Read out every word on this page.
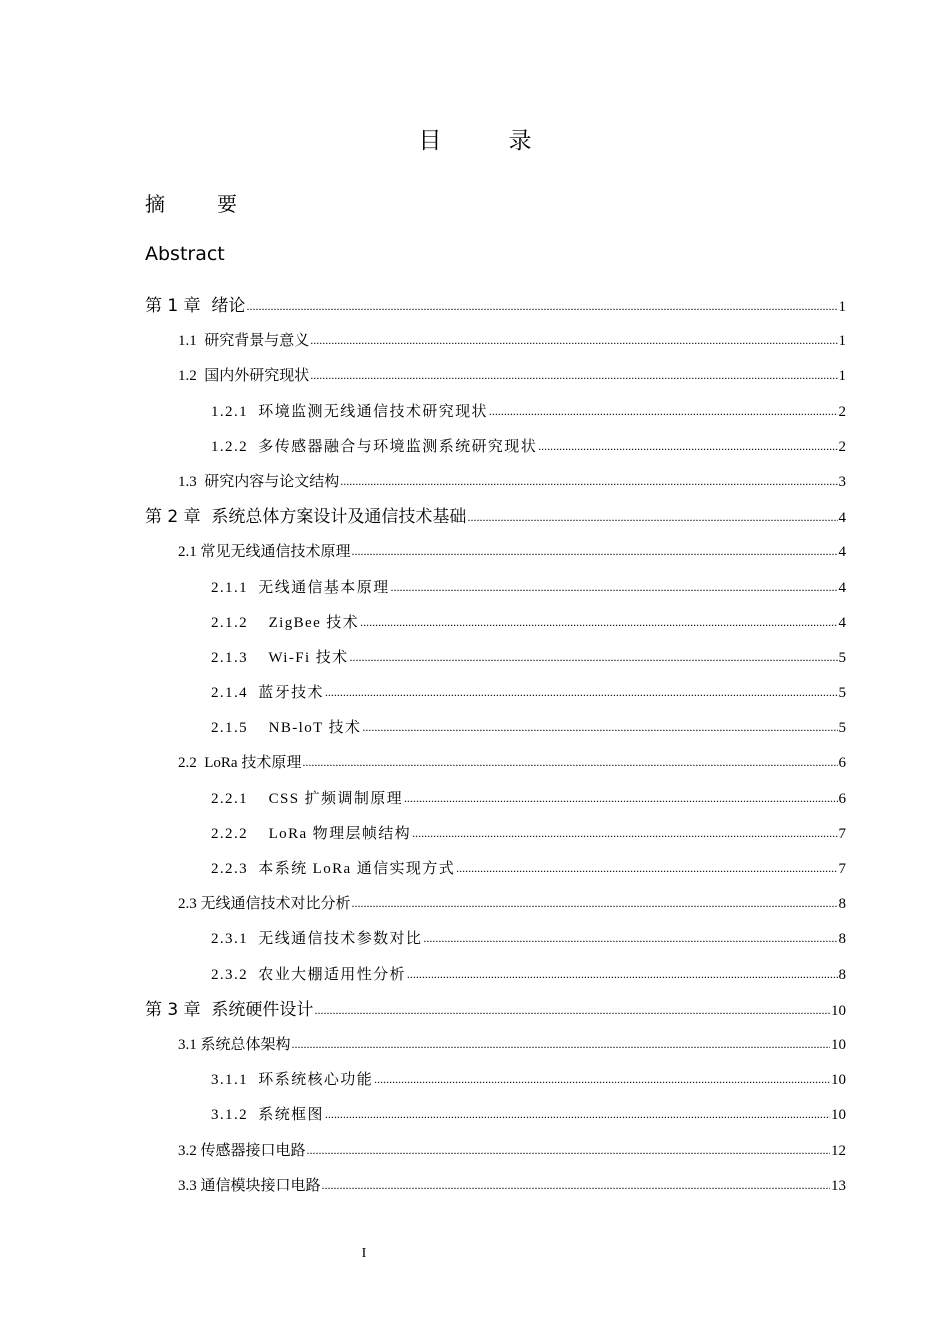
目　录
摘　要
Abstract
第 1 章  绪论 .....	1
1.1  研究背景与意义 .....	1
1.2  国内外研究现状 .....	1
1.2.1  环境监测无线通信技术研究现状 .....	2
1.2.2  多传感器融合与环境监测系统研究现状 .....	2
1.3  研究内容与论文结构 .....	3
第 2 章  系统总体方案设计及通信技术基础 .....	4
2.1 常见无线通信技术原理 .....	4
2.1.1  无线通信基本原理 .....	4
2.1.2    ZigBee 技术 .....	4
2.1.3    Wi-Fi 技术 .....	5
2.1.4  蓝牙技术 .....	5
2.1.5    NB-loT 技术 .....	5
2.2  LoRa 技术原理 .....	6
2.2.1    CSS 扩频调制原理 .....	6
2.2.2    LoRa 物理层帧结构 .....	7
2.2.3  本系统 LoRa 通信实现方式 .....	7
2.3 无线通信技术对比分析 .....	8
2.3.1  无线通信技术参数对比 .....	8
2.3.2  农业大棚适用性分析 .....	8
第 3 章  系统硬件设计 .....	10
3.1 系统总体架构 .....	10
3.1.1  环系统核心功能 .....	10
3.1.2  系统框图 .....	10
3.2 传感器接口电路 .....	12
3.3 通信模块接口电路 .....	13
I
